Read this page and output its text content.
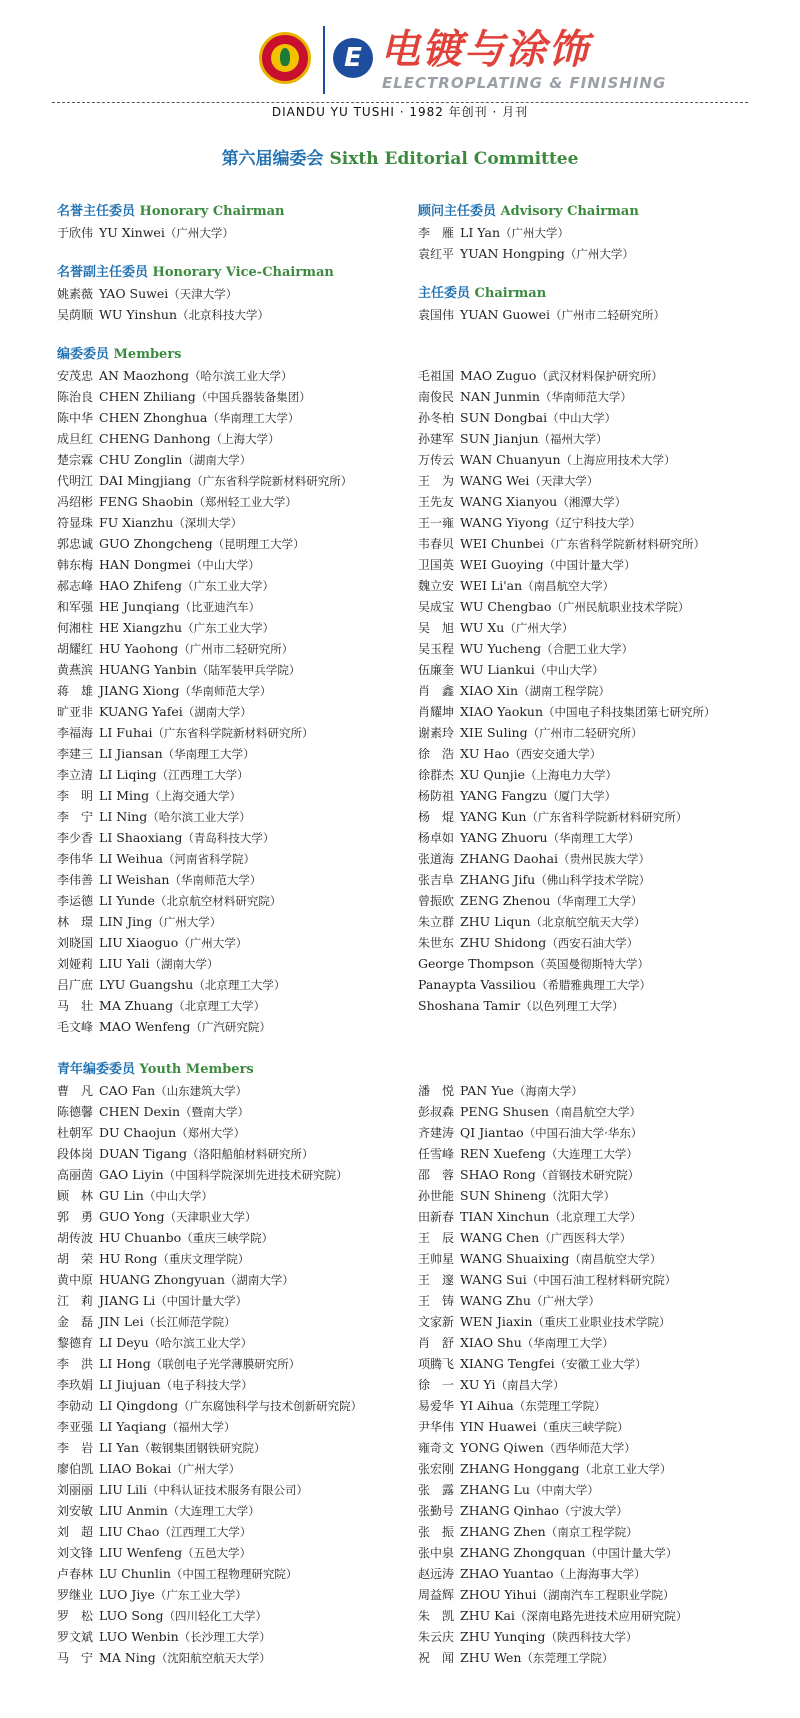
E 电镀与涂饰
ELECTROPLATING & FINISHING
DIANDU YU TUSHI · 1982 年创刊 · 月刊
第六届编委会 Sixth Editorial Committee
名誉主任委员 Honorary Chairman
于欣伟 YU Xinwei（广州大学）
名誉副主任委员 Honorary Vice-Chairman
姚素薇 YAO Suwei（天津大学）
吴荫顺 WU Yinshun（北京科技大学）
顾问主任委员 Advisory Chairman
李　雁 LI Yan（广州大学）
袁红平 YUAN Hongping（广州大学）
主任委员 Chairman
袁国伟 YUAN Guowei（广州市二轻研究所）
编委委员 Members
安茂忠 AN Maozhong（哈尔滨工业大学）
陈治良 CHEN Zhiliang（中国兵器装备集团）
陈中华 CHEN Zhonghua（华南理工大学）
成旦红 CHENG Danhong（上海大学）
楚宗霖 CHU Zonglin（湖南大学）
代明江 DAI Mingjiang（广东省科学院新材料研究所）
冯绍彬 FENG Shaobin（郑州轻工业大学）
符显珠 FU Xianzhu（深圳大学）
郭忠诚 GUO Zhongcheng（昆明理工大学）
韩东梅 HAN Dongmei（中山大学）
郝志峰 HAO Zhifeng（广东工业大学）
和军强 HE Junqiang（比亚迪汽车）
何湘柱 HE Xiangzhu（广东工业大学）
胡耀红 HU Yaohong（广州市二轻研究所）
黄燕滨 HUANG Yanbin（陆军装甲兵学院）
蒋　雄 JIANG Xiong（华南师范大学）
旷亚非 KUANG Yafei（湖南大学）
李福海 LI Fuhai（广东省科学院新材料研究所）
李建三 LI Jiansan（华南理工大学）
李立清 LI Liqing（江西理工大学）
李　明 LI Ming（上海交通大学）
李　宁 LI Ning（哈尔滨工业大学）
李少香 LI Shaoxiang（青岛科技大学）
李伟华 LI Weihua（河南省科学院）
李伟善 LI Weishan（华南师范大学）
李运德 LI Yunde（北京航空材料研究院）
林　璟 LIN Jing（广州大学）
刘晓国 LIU Xiaoguo（广州大学）
刘娅莉 LIU Yali（湖南大学）
吕广庶 LYU Guangshu（北京理工大学）
马　壮 MA Zhuang（北京理工大学）
毛文峰 MAO Wenfeng（广汽研究院）
毛祖国 MAO Zuguo（武汉材料保护研究所）
南俊民 NAN Junmin（华南师范大学）
孙冬柏 SUN Dongbai（中山大学）
孙建军 SUN Jianjun（福州大学）
万传云 WAN Chuanyun（上海应用技术大学）
王　为 WANG Wei（天津大学）
王先友 WANG Xianyou（湘潭大学）
王一雍 WANG Yiyong（辽宁科技大学）
韦春贝 WEI Chunbei（广东省科学院新材料研究所）
卫国英 WEI Guoying（中国计量大学）
魏立安 WEI Li'an（南昌航空大学）
吴成宝 WU Chengbao（广州民航职业技术学院）
吴　旭 WU Xu（广州大学）
吴玉程 WU Yucheng（合肥工业大学）
伍廉奎 WU Liankui（中山大学）
肖　鑫 XIAO Xin（湖南工程学院）
肖耀坤 XIAO Yaokun（中国电子科技集团第七研究所）
谢素玲 XIE Suling（广州市二轻研究所）
徐　浩 XU Hao（西安交通大学）
徐群杰 XU Qunjie（上海电力大学）
杨防祖 YANG Fangzu（厦门大学）
杨　焜 YANG Kun（广东省科学院新材料研究所）
杨卓如 YANG Zhuoru（华南理工大学）
张道海 ZHANG Daohai（贵州民族大学）
张吉阜 ZHANG Jifu（佛山科学技术学院）
曾振欧 ZENG Zhenou（华南理工大学）
朱立群 ZHU Liqun（北京航空航天大学）
朱世东 ZHU Shidong（西安石油大学）
George Thompson（英国曼彻斯特大学）
Panaypta Vassiliou（希腊雅典理工大学）
Shoshana Tamir（以色列理工大学）
青年编委委员 Youth Members
曹　凡 CAO Fan（山东建筑大学）
陈德馨 CHEN Dexin（暨南大学）
杜朝军 DU Chaojun（郑州大学）
段体岗 DUAN Tigang（洛阳船舶材料研究所）
高丽茵 GAO Liyin（中国科学院深圳先进技术研究院）
顾　林 GU Lin（中山大学）
郭　勇 GUO Yong（天津职业大学）
胡传波 HU Chuanbo（重庆三峡学院）
胡　荣 HU Rong（重庆文理学院）
黄中原 HUANG Zhongyuan（湖南大学）
江　莉 JIANG Li（中国计量大学）
金　磊 JIN Lei（长江师范学院）
黎德育 LI Deyu（哈尔滨工业大学）
李　洪 LI Hong（联创电子光学薄膜研究所）
李玖娟 LI Jiujuan（电子科技大学）
李勍动 LI Qingdong（广东腐蚀科学与技术创新研究院）
李亚强 LI Yaqiang（福州大学）
李　岩 LI Yan（鞍钢集团钢铁研究院）
廖伯凯 LIAO Bokai（广州大学）
刘丽丽 LIU Lili（中科认证技术服务有限公司）
刘安敏 LIU Anmin（大连理工大学）
刘　超 LIU Chao（江西理工大学）
刘文锋 LIU Wenfeng（五邑大学）
卢春林 LU Chunlin（中国工程物理研究院）
罗继业 LUO Jiye（广东工业大学）
罗　松 LUO Song（四川轻化工大学）
罗文斌 LUO Wenbin（长沙理工大学）
马　宁 MA Ning（沈阳航空航天大学）
潘　悦 PAN Yue（海南大学）
彭叔森 PENG Shusen（南昌航空大学）
齐建涛 QI Jiantao（中国石油大学·华东）
任雪峰 REN Xuefeng（大连理工大学）
邵　蓉 SHAO Rong（首钢技术研究院）
孙世能 SUN Shineng（沈阳大学）
田新春 TIAN Xinchun（北京理工大学）
王　辰 WANG Chen（广西医科大学）
王帅星 WANG Shuaixing（南昌航空大学）
王　邃 WANG Sui（中国石油工程材料研究院）
王　铸 WANG Zhu（广州大学）
文家新 WEN Jiaxin（重庆工业职业技术学院）
肖　舒 XIAO Shu（华南理工大学）
项腾飞 XIANG Tengfei（安徽工业大学）
徐　一 XU Yi（南昌大学）
易爱华 YI Aihua（东莞理工学院）
尹华伟 YIN Huawei（重庆三峡学院）
雍奇文 YONG Qiwen（西华师范大学）
张宏刚 ZHANG Honggang（北京工业大学）
张　露 ZHANG Lu（中南大学）
张勤号 ZHANG Qinhao（宁波大学）
张　振 ZHANG Zhen（南京工程学院）
张中泉 ZHANG Zhongquan（中国计量大学）
赵远涛 ZHAO Yuantao（上海海事大学）
周益辉 ZHOU Yihui（湖南汽车工程职业学院）
朱　凯 ZHU Kai（深南电路先进技术应用研究院）
朱云庆 ZHU Yunqing（陕西科技大学）
祝　闻 ZHU Wen（东莞理工学院）
